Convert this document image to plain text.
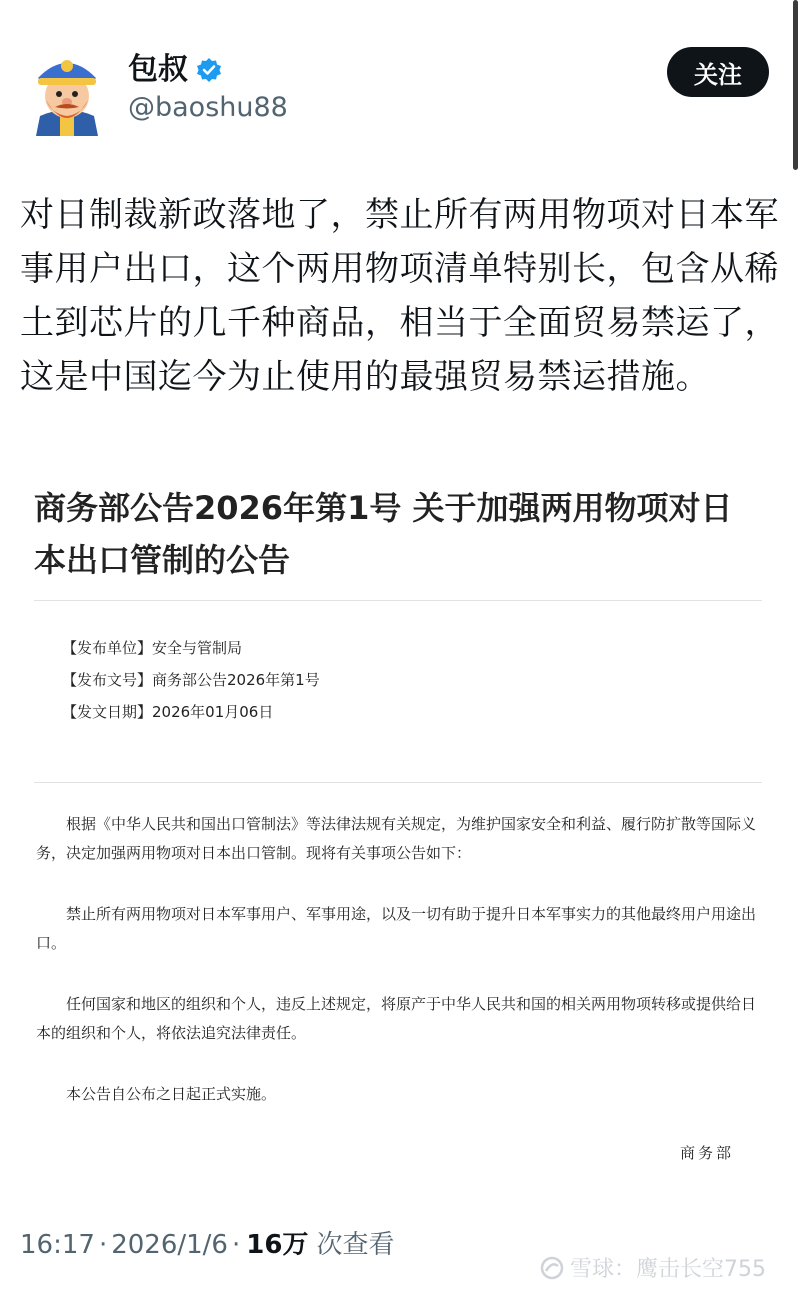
包叔
@baoshu88
关注
对日制裁新政落地了，禁止所有两用物项对日本军事用户出口，这个两用物项清单特别长，包含从稀土到芯片的几千种商品，相当于全面贸易禁运了，这是中国迄今为止使用的最强贸易禁运措施。
商务部公告2026年第1号 关于加强两用物项对日本出口管制的公告
【发布单位】安全与管制局
【发布文号】商务部公告2026年第1号
【发文日期】2026年01月06日
根据《中华人民共和国出口管制法》等法律法规有关规定，为维护国家安全和利益、履行防扩散等国际义务，决定加强两用物项对日本出口管制。现将有关事项公告如下：
禁止所有两用物项对日本军事用户、军事用途，以及一切有助于提升日本军事实力的其他最终用户用途出口。
任何国家和地区的组织和个人，违反上述规定，将原产于中华人民共和国的相关两用物项转移或提供给日本的组织和个人，将依法追究法律责任。
本公告自公布之日起正式实施。
商务部
16:17 · 2026/1/6 · 16万 次查看
雪球：鹰击长空755
